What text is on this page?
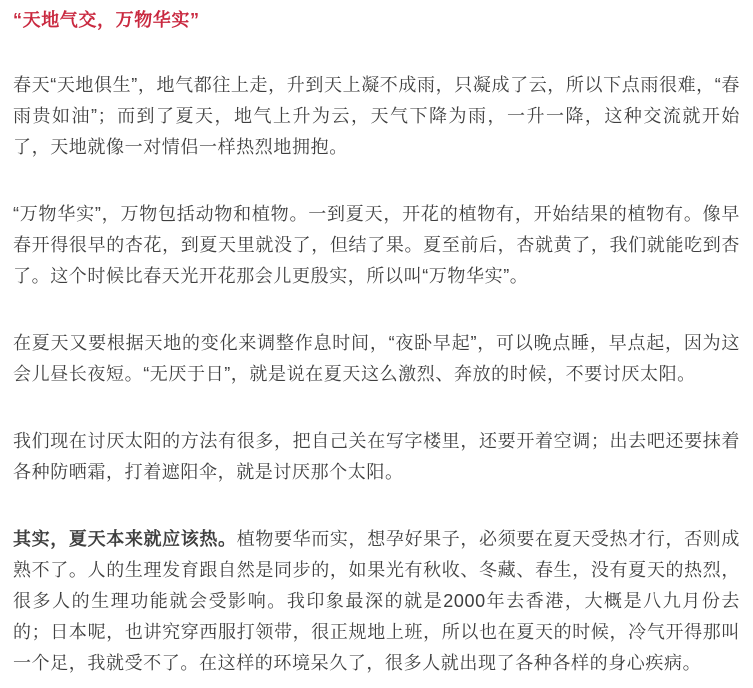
“天地气交，万物华实”

春天“天地俱生”，地气都往上走，升到天上凝不成雨，只凝成了云，所以下点雨很难，“春雨贵如油”；而到了夏天，地气上升为云，天气下降为雨，一升一降，这种交流就开始了，天地就像一对情侣一样热烈地拥抱。

“万物华实”，万物包括动物和植物。一到夏天，开花的植物有，开始结果的植物有。像早春开得很早的杏花，到夏天里就没了，但结了果。夏至前后，杏就黄了，我们就能吃到杏了。这个时候比春天光开花那会儿更殷实，所以叫“万物华实”。

在夏天又要根据天地的变化来调整作息时间，“夜卧早起”，可以晚点睡，早点起，因为这会儿昼长夜短。“无厌于日”，就是说在夏天这么激烈、奔放的时候，不要讨厌太阳。

我们现在讨厌太阳的方法有很多，把自己关在写字楼里，还要开着空调；出去吧还要抹着各种防晒霜，打着遮阳伞，就是讨厌那个太阳。

其实，夏天本来就应该热。植物要华而实，想孕好果子，必须要在夏天受热才行，否则成熟不了。人的生理发育跟自然是同步的，如果光有秋收、冬藏、春生，没有夏天的热烈，很多人的生理功能就会受影响。我印象最深的就是2000年去香港，大概是八九月份去的；日本呢，也讲究穿西服打领带，很正规地上班，所以也在夏天的时候，冷气开得那叫一个足，我就受不了。在这样的环境呆久了，很多人就出现了各种各样的身心疾病。
